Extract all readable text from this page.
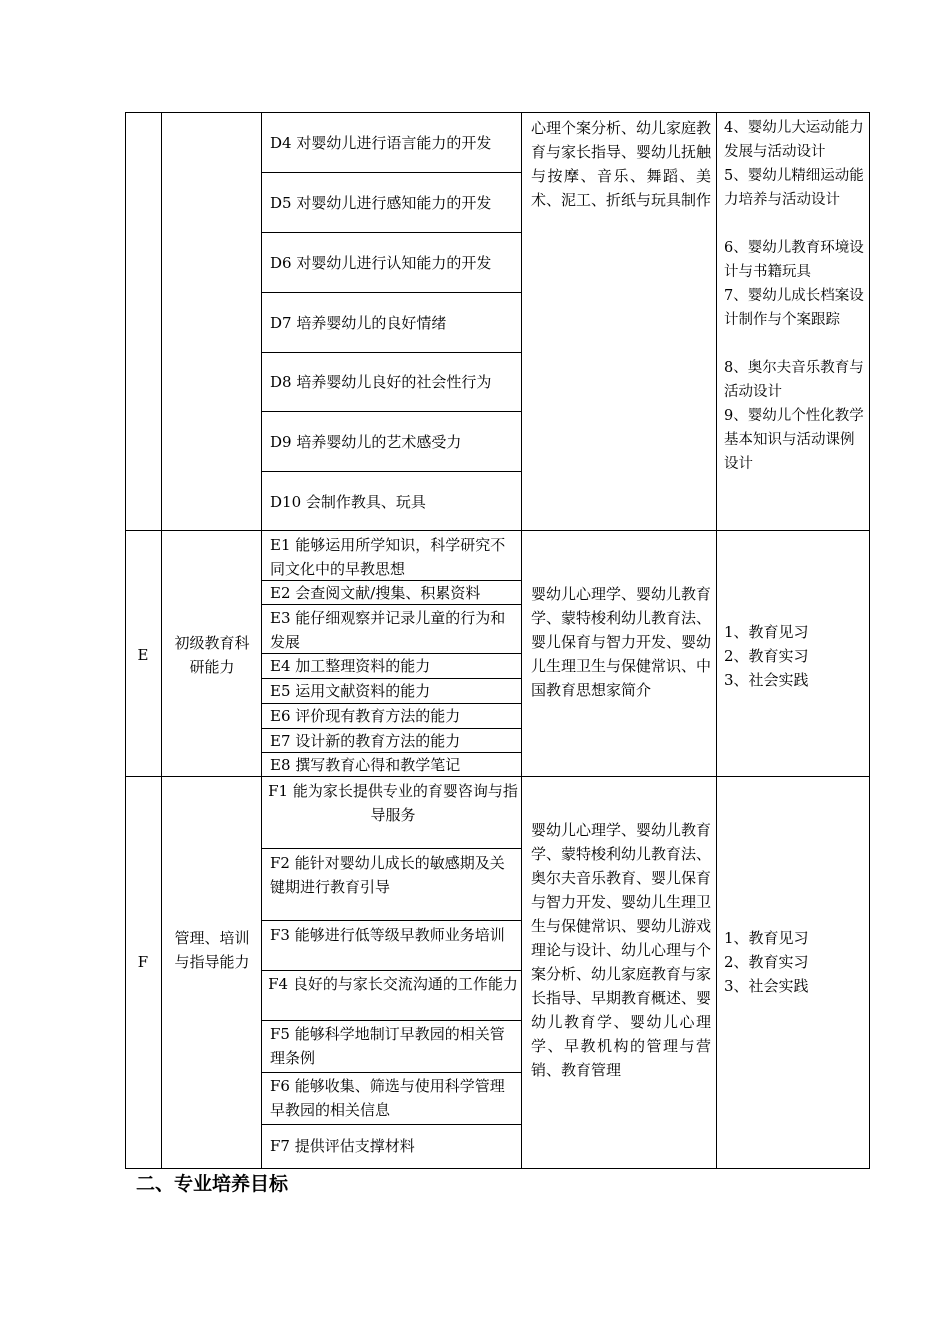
D4 对婴幼儿进行语言能力的开发
D5 对婴幼儿进行感知能力的开发
D6 对婴幼儿进行认知能力的开发
D7 培养婴幼儿的良好情绪
D8 培养婴幼儿良好的社会性行为
D9 培养婴幼儿的艺术感受力
D10 会制作教具、玩具
心理个案分析、幼儿家庭教育与家长指导、婴幼儿抚触与按摩、音乐、舞蹈、美术、泥工、折纸与玩具制作
4、婴幼儿大运动能力发展与活动设计
5、婴幼儿精细运动能力培养与活动设计
6、婴幼儿教育环境设计与书籍玩具
7、婴幼儿成长档案设计制作与个案跟踪
8、奥尔夫音乐教育与活动设计
9、婴幼儿个性化教学基本知识与活动课例设计
E
初级教育科研能力
E1 能够运用所学知识，科学研究不同文化中的早教思想
E2 会查阅文献/搜集、积累资料
E3 能仔细观察并记录儿童的行为和发展
E4 加工整理资料的能力
E5 运用文献资料的能力
E6 评价现有教育方法的能力
E7 设计新的教育方法的能力
E8 撰写教育心得和教学笔记
婴幼儿心理学、婴幼儿教育学、蒙特梭利幼儿教育法、婴儿保育与智力开发、婴幼儿生理卫生与保健常识、中国教育思想家简介
1、教育见习
2、教育实习
3、社会实践
F
管理、培训与指导能力
F1 能为家长提供专业的育婴咨询与指导服务
F2 能针对婴幼儿成长的敏感期及关键期进行教育引导
F3 能够进行低等级早教师业务培训
F4 良好的与家长交流沟通的工作能力
F5 能够科学地制订早教园的相关管理条例
F6 能够收集、筛选与使用科学管理早教园的相关信息
F7 提供评估支撑材料
婴幼儿心理学、婴幼儿教育学、蒙特梭利幼儿教育法、奥尔夫音乐教育、婴儿保育与智力开发、婴幼儿生理卫生与保健常识、婴幼儿游戏理论与设计、幼儿心理与个案分析、幼儿家庭教育与家长指导、早期教育概述、婴幼儿教育学、婴幼儿心理学、早教机构的管理与营销、教育管理
1、教育见习
2、教育实习
3、社会实践
二、专业培养目标
